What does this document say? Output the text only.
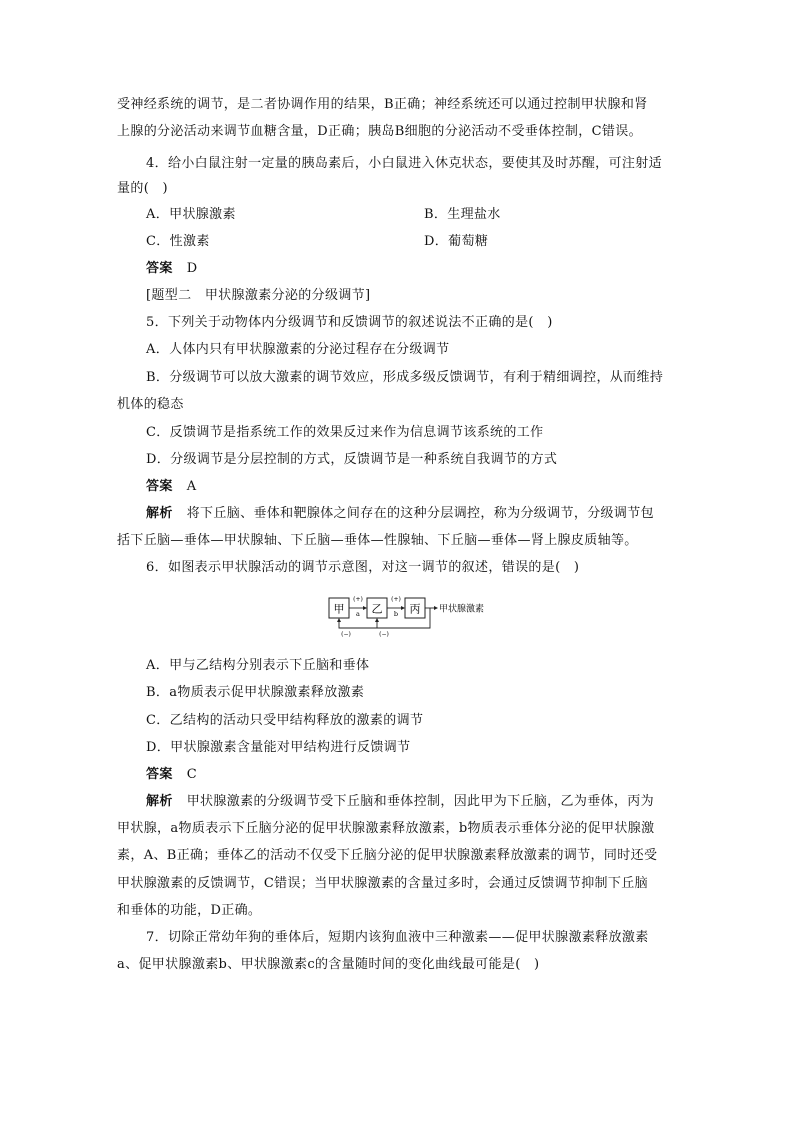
受神经系统的调节，是二者协调作用的结果，B正确；神经系统还可以通过控制甲状腺和肾
上腺的分泌活动来调节血糖含量，D正确；胰岛B细胞的分泌活动不受垂体控制，C错误。
4．给小白鼠注射一定量的胰岛素后，小白鼠进入休克状态，要使其及时苏醒，可注射适
量的(　)
A．甲状腺激素	B．生理盐水
C．性激素	D．葡萄糖
答案 D
[题型二　甲状腺激素分泌的分级调节]
5．下列关于动物体内分级调节和反馈调节的叙述说法不正确的是(　)
A．人体内只有甲状腺激素的分泌过程存在分级调节
B．分级调节可以放大激素的调节效应，形成多级反馈调节，有利于精细调控，从而维持
机体的稳态
C．反馈调节是指系统工作的效果反过来作为信息调节该系统的工作
D．分级调节是分层控制的方式，反馈调节是一种系统自我调节的方式
答案 A
解析 将下丘脑、垂体和靶腺体之间存在的这种分层调控，称为分级调节，分级调节包
括下丘脑—垂体—甲状腺轴、下丘脑—垂体—性腺轴、下丘脑—垂体—肾上腺皮质轴等。
6．如图表示甲状腺活动的调节示意图，对这一调节的叙述，错误的是(　)
甲 乙 丙
(+)
a
(+)
b	甲状腺激素
(−)	(−)
A．甲与乙结构分别表示下丘脑和垂体
B．a物质表示促甲状腺激素释放激素
C．乙结构的活动只受甲结构释放的激素的调节
D．甲状腺激素含量能对甲结构进行反馈调节
答案 C
解析 甲状腺激素的分级调节受下丘脑和垂体控制，因此甲为下丘脑，乙为垂体，丙为
甲状腺，a物质表示下丘脑分泌的促甲状腺激素释放激素，b物质表示垂体分泌的促甲状腺激
素，A、B正确；垂体乙的活动不仅受下丘脑分泌的促甲状腺激素释放激素的调节，同时还受
甲状腺激素的反馈调节，C错误；当甲状腺激素的含量过多时，会通过反馈调节抑制下丘脑
和垂体的功能，D正确。
7．切除正常幼年狗的垂体后，短期内该狗血液中三种激素——促甲状腺激素释放激素
a、促甲状腺激素b、甲状腺激素c的含量随时间的变化曲线最可能是(　)
